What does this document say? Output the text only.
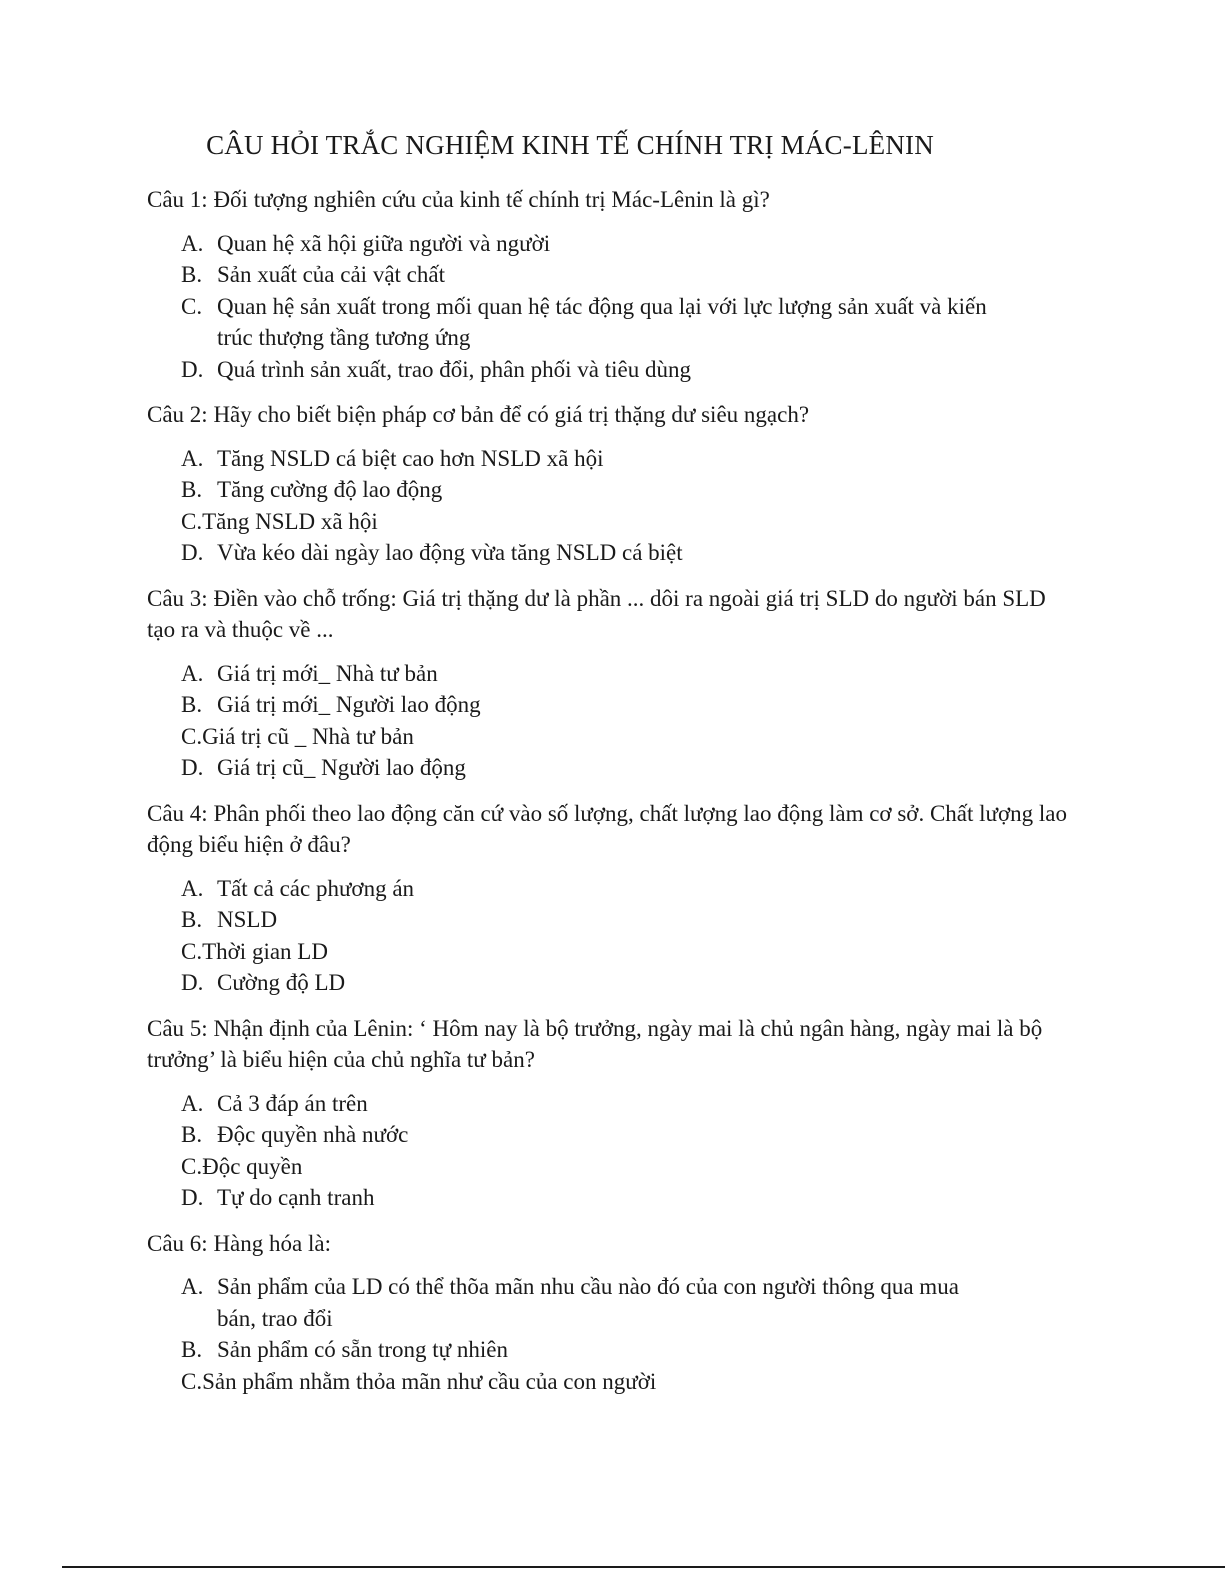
CÂU HỎI TRẮC NGHIỆM KINH TẾ CHÍNH TRỊ MÁC-LÊNIN

Câu 1: Đối tượng nghiên cứu của kinh tế chính trị Mác-Lênin là gì?

A. Quan hệ xã hội giữa người và người
B. Sản xuất của cải vật chất
C. Quan hệ sản xuất trong mối quan hệ tác động qua lại với lực lượng sản xuất và kiến trúc thượng tầng tương ứng
D. Quá trình sản xuất, trao đổi, phân phối và tiêu dùng

Câu 2: Hãy cho biết biện pháp cơ bản để có giá trị thặng dư siêu ngạch?

A. Tăng NSLD cá biệt cao hơn NSLD xã hội
B. Tăng cường độ lao động
C. Tăng NSLD xã hội
D. Vừa kéo dài ngày lao động vừa tăng NSLD cá biệt

Câu 3: Điền vào chỗ trống: Giá trị thặng dư là phần ... dôi ra ngoài giá trị SLD do người bán SLD tạo ra và thuộc về ...

A. Giá trị mới_ Nhà tư bản
B. Giá trị mới_ Người lao động
C. Giá trị cũ _ Nhà tư bản
D. Giá trị cũ_ Người lao động

Câu 4: Phân phối theo lao động căn cứ vào số lượng, chất lượng lao động làm cơ sở. Chất lượng lao động biểu hiện ở đâu?

A. Tất cả các phương án
B. NSLD
C. Thời gian LD
D. Cường độ LD

Câu 5: Nhận định của Lênin: ‘ Hôm nay là bộ trưởng, ngày mai là chủ ngân hàng, ngày mai là bộ trưởng’ là biểu hiện của chủ nghĩa tư bản?

A. Cả 3 đáp án trên
B. Độc quyền nhà nước
C. Độc quyền
D. Tự do cạnh tranh

Câu 6: Hàng hóa là:

A. Sản phẩm của LD có thể thõa mãn nhu cầu nào đó của con người thông qua mua bán, trao đổi
B. Sản phẩm có sẵn trong tự nhiên
C. Sản phẩm nhằm thỏa mãn như cầu của con người
